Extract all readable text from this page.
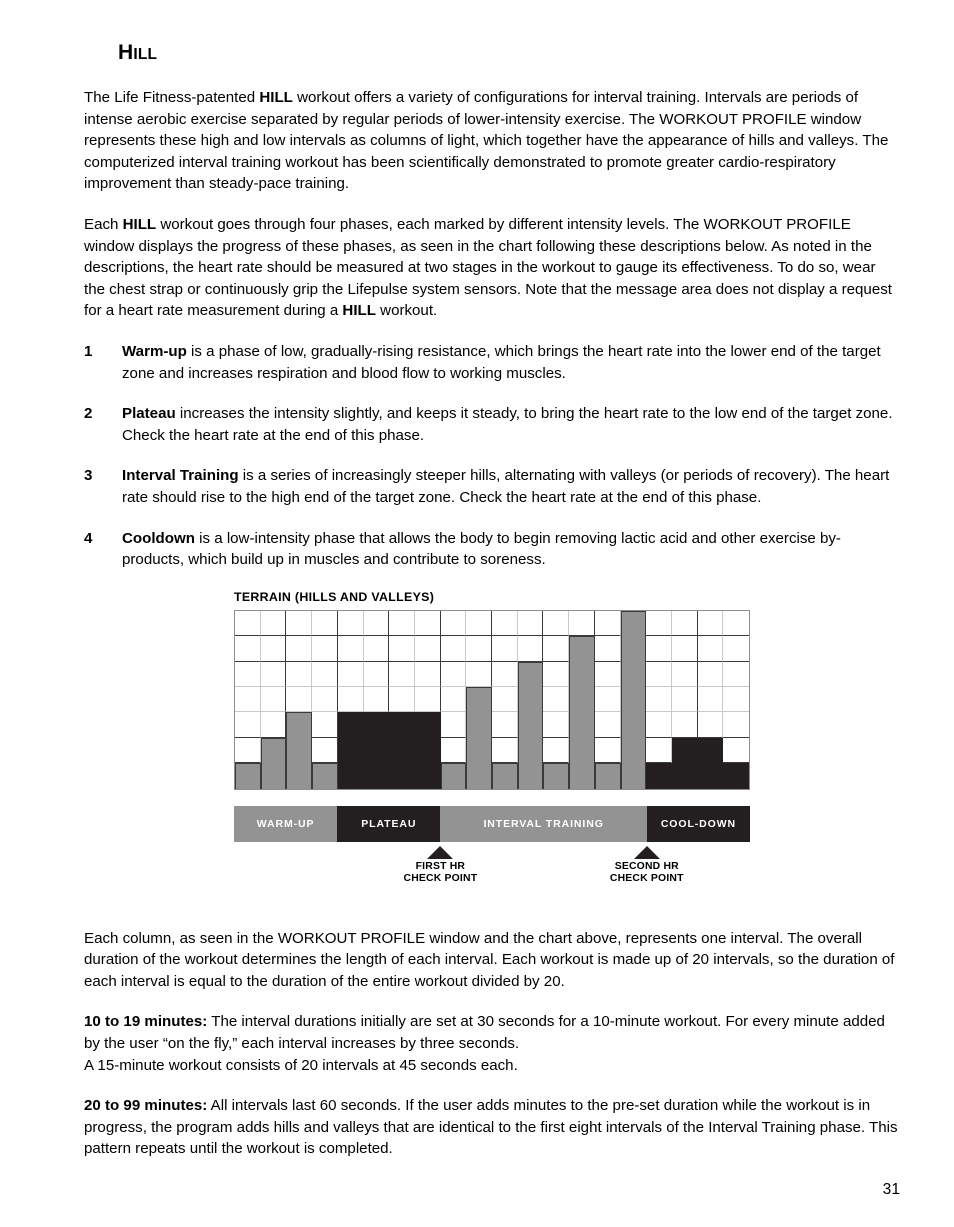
HILL

The Life Fitness-patented HILL workout offers a variety of configurations for interval training. Intervals are periods of intense aerobic exercise separated by regular periods of lower-intensity exercise. The WORKOUT PROFILE window represents these high and low intervals as columns of light, which together have the appearance of hills and valleys. The computerized interval training workout has been scientifically demonstrated to promote greater cardio-respiratory improvement than steady-pace training.

Each HILL workout goes through four phases, each marked by different intensity levels. The WORKOUT PROFILE window displays the progress of these phases, as seen in the chart following these descriptions below. As noted in the descriptions, the heart rate should be measured at two stages in the workout to gauge its effectiveness. To do so, wear the chest strap or continuously grip the Lifepulse system sensors. Note that the message area does not display a request for a heart rate measurement during a HILL workout.

1	Warm-up is a phase of low, gradually-rising resistance, which brings the heart rate into the lower end of the target zone and increases respiration and blood flow to working muscles.
2	Plateau increases the intensity slightly, and keeps it steady, to bring the heart rate to the low end of the target zone. Check the heart rate at the end of this phase.
3	Interval Training is a series of increasingly steeper hills, alternating with valleys (or periods of recovery). The heart rate should rise to the high end of the target zone. Check the heart rate at the end of this phase.
4	Cooldown is a low-intensity phase that allows the body to begin removing lactic acid and other exercise by-products, which build up in muscles and contribute to soreness.
TERRAIN (HILLS AND VALLEYS)
WARM-UP	PLATEAU	INTERVAL TRAINING	COOL-DOWN
FIRST HR
CHECK POINT
SECOND HR
CHECK POINT

Each column, as seen in the WORKOUT PROFILE window and the chart above, represents one interval. The overall duration of the workout determines the length of each interval. Each workout is made up of 20 intervals, so the duration of each interval is equal to the duration of the entire workout divided by 20.

10 to 19 minutes: The interval durations initially are set at 30 seconds for a 10-minute workout. For every minute added by the user “on the fly,” each interval increases by three seconds.
A 15-minute workout consists of 20 intervals at 45 seconds each.

20 to 99 minutes: All intervals last 60 seconds. If the user adds minutes to the pre-set duration while the workout is in progress, the program adds hills and valleys that are identical to the first eight intervals of the Interval Training phase. This pattern repeats until the workout is completed.

31
